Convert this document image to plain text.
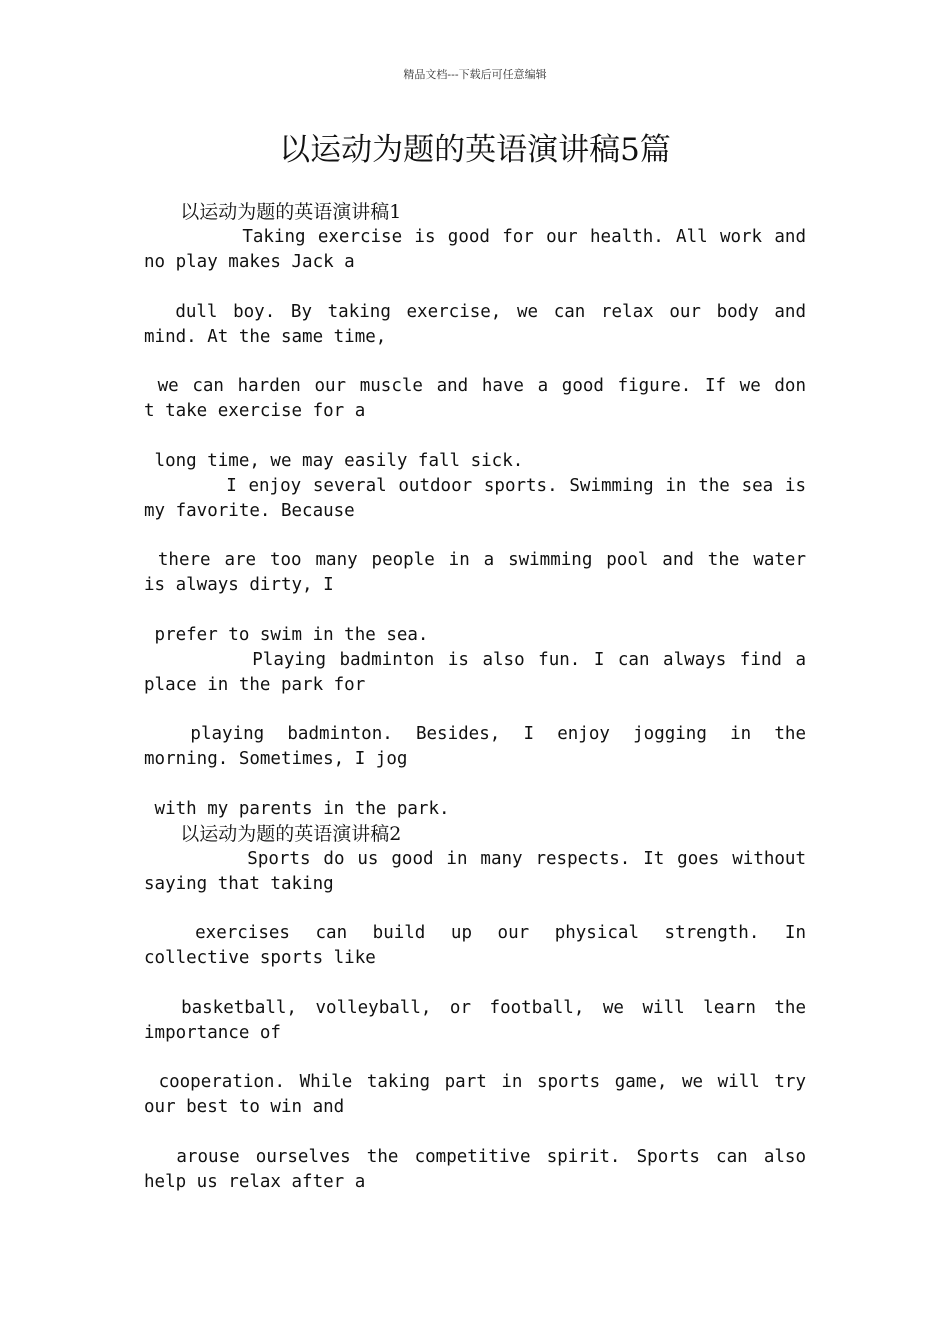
精品文档---下载后可任意编辑
以运动为题的英语演讲稿5篇
以运动为题的英语演讲稿1
Taking exercise is good for our health. All work and
no play makes Jack a
dull boy. By taking exercise, we can relax our body and
mind. At the same time,
we can harden our muscle and have a good figure. If we don
t take exercise for a
long time, we may easily fall sick.
I enjoy several outdoor sports. Swimming in the sea is
my favorite. Because
there are too many people in a swimming pool and the water
is always dirty, I
prefer to swim in the sea.
Playing badminton is also fun. I can always find a
place in the park for
playing badminton. Besides, I enjoy jogging in the
morning. Sometimes, I jog
with my parents in the park.
以运动为题的英语演讲稿2
Sports do us good in many respects. It goes without
saying that taking
exercises can build up our physical strength. In
collective sports like
basketball, volleyball, or football, we will learn the
importance of
cooperation. While taking part in sports game, we will try
our best to win and
arouse ourselves the competitive spirit. Sports can also
help us relax after a
